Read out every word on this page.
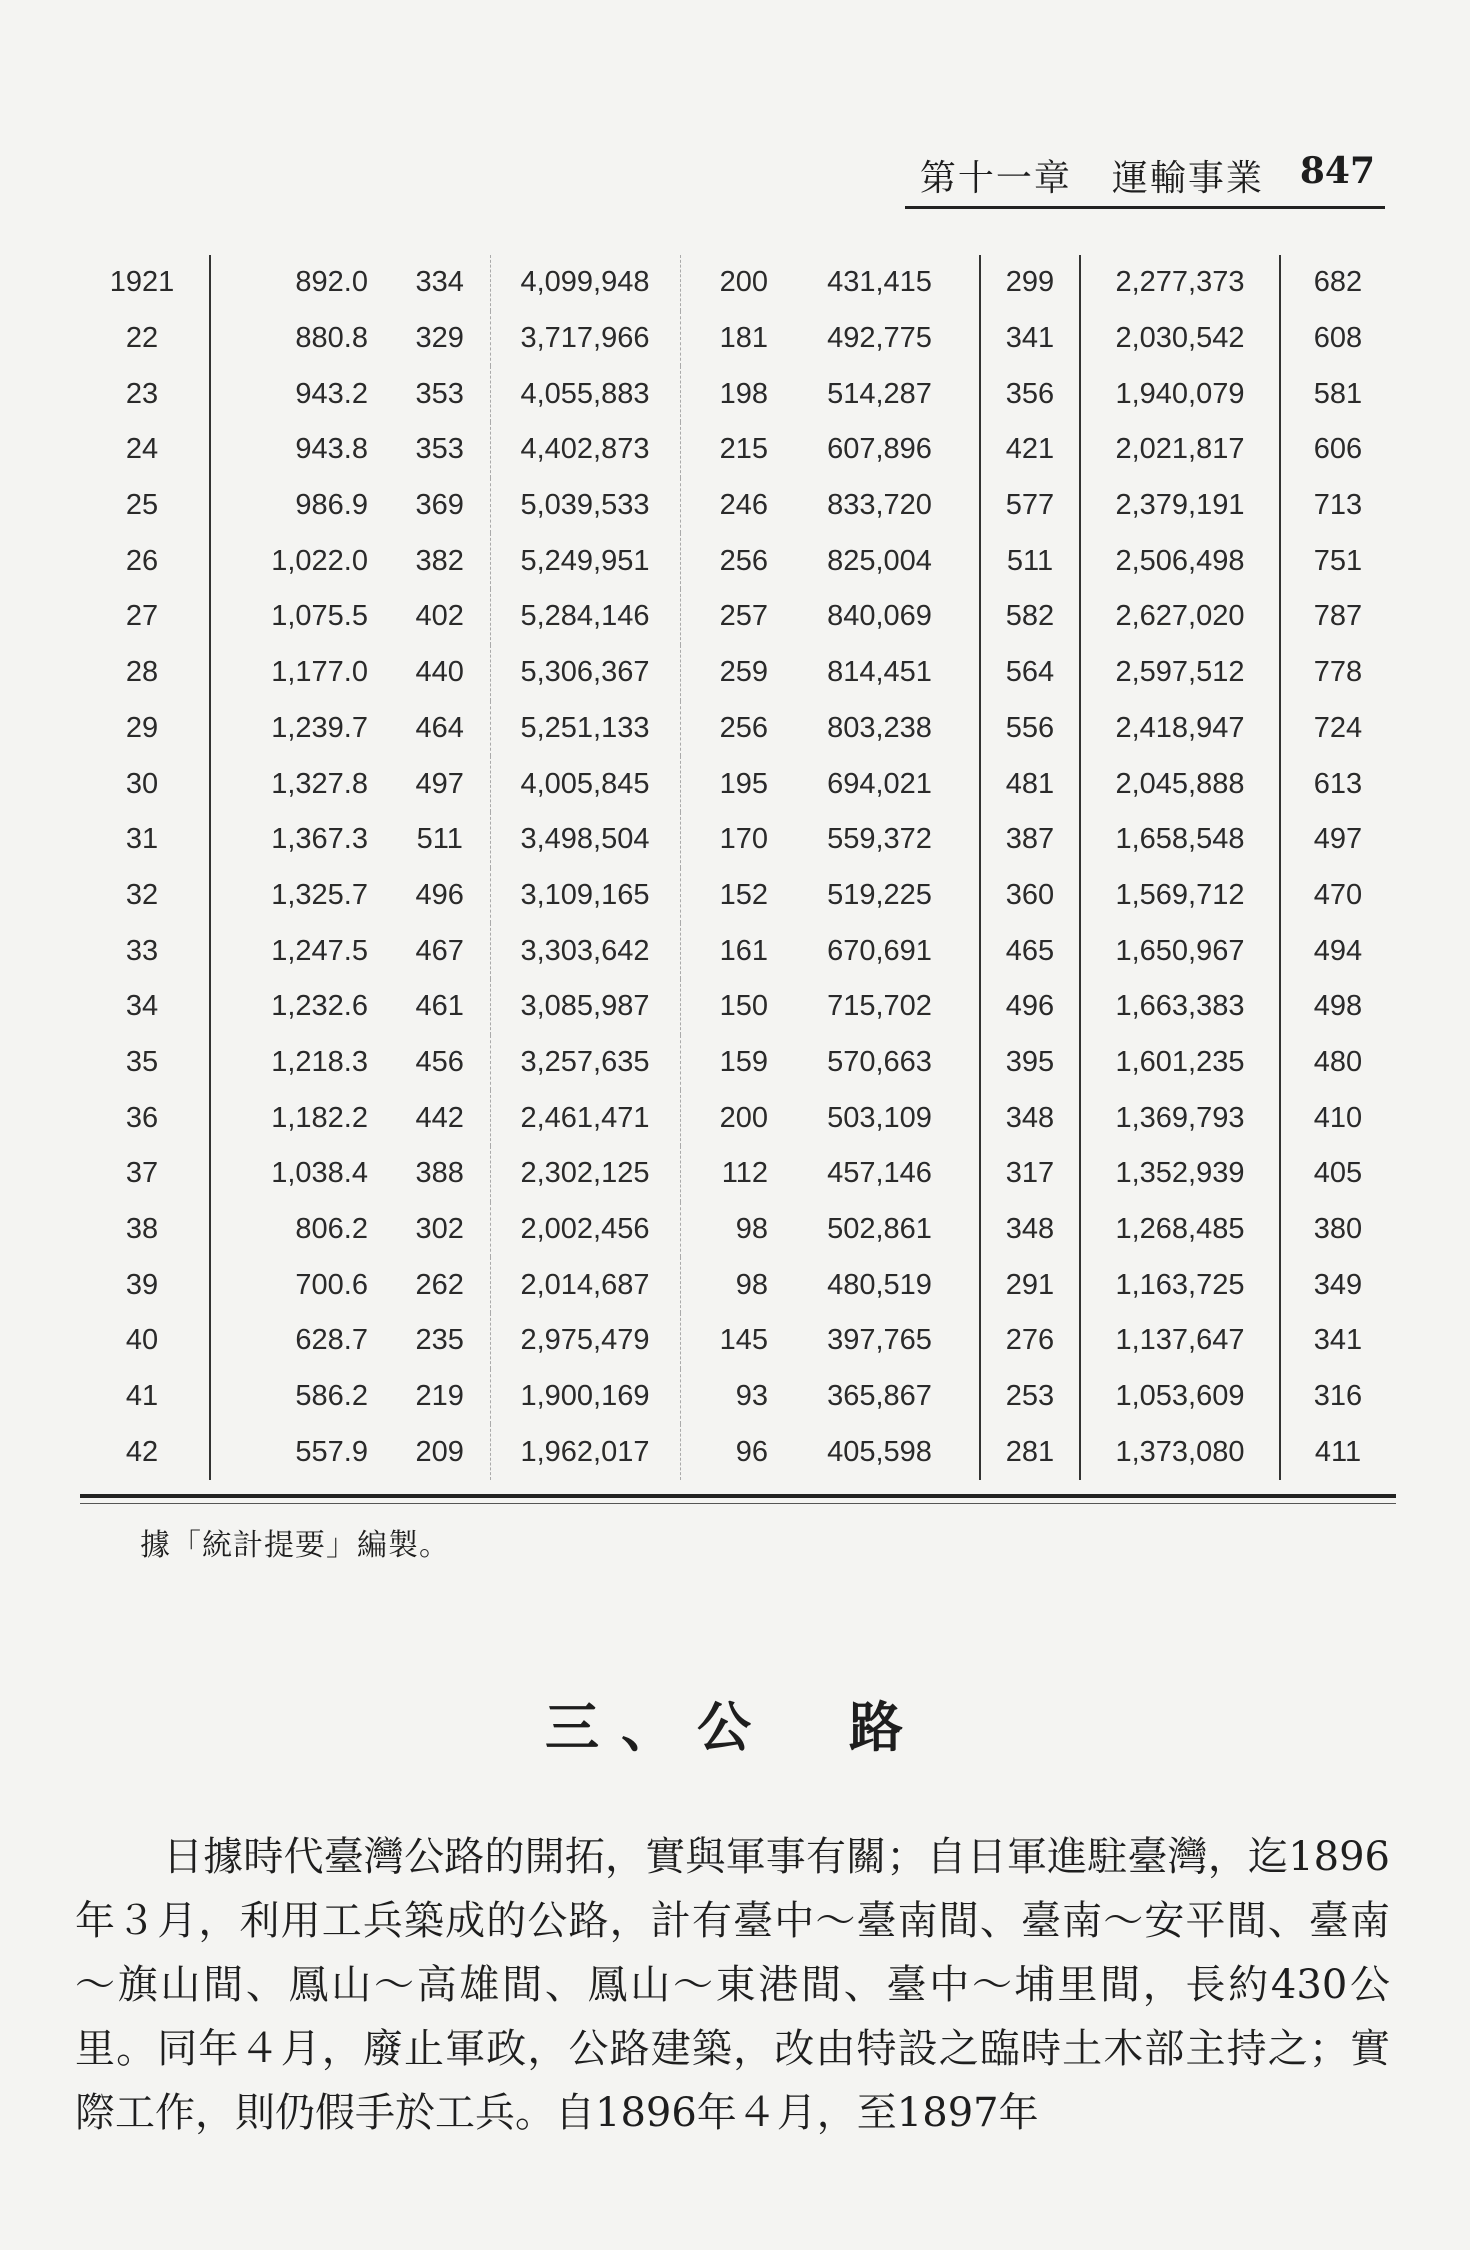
第十一章 運輸事業 847
1921	892.0	334	4,099,948	200	431,415	299	2,277,373	682
22	880.8	329	3,717,966	181	492,775	341	2,030,542	608
23	943.2	353	4,055,883	198	514,287	356	1,940,079	581
24	943.8	353	4,402,873	215	607,896	421	2,021,817	606
25	986.9	369	5,039,533	246	833,720	577	2,379,191	713
26	1,022.0	382	5,249,951	256	825,004	511	2,506,498	751
27	1,075.5	402	5,284,146	257	840,069	582	2,627,020	787
28	1,177.0	440	5,306,367	259	814,451	564	2,597,512	778
29	1,239.7	464	5,251,133	256	803,238	556	2,418,947	724
30	1,327.8	497	4,005,845	195	694,021	481	2,045,888	613
31	1,367.3	511	3,498,504	170	559,372	387	1,658,548	497
32	1,325.7	496	3,109,165	152	519,225	360	1,569,712	470
33	1,247.5	467	3,303,642	161	670,691	465	1,650,967	494
34	1,232.6	461	3,085,987	150	715,702	496	1,663,383	498
35	1,218.3	456	3,257,635	159	570,663	395	1,601,235	480
36	1,182.2	442	2,461,471	200	503,109	348	1,369,793	410
37	1,038.4	388	2,302,125	112	457,146	317	1,352,939	405
38	806.2	302	2,002,456	98	502,861	348	1,268,485	380
39	700.6	262	2,014,687	98	480,519	291	1,163,725	349
40	628.7	235	2,975,479	145	397,765	276	1,137,647	341
41	586.2	219	1,900,169	93	365,867	253	1,053,609	316
42	557.9	209	1,962,017	96	405,598	281	1,373,080	411
據「統計提要」編製。
三、公　路

日據時代臺灣公路的開拓，實與軍事有關；自日軍進駐臺灣，迄1896年３月，利用工兵築成的公路，計有臺中～臺南間、臺南～安平間、臺南～旗山間、鳳山～高雄間、鳳山～東港間、臺中～埔里間，長約430公里。同年４月，廢止軍政，公路建築，改由特設之臨時土木部主持之；實際工作，則仍假手於工兵。自1896年４月，至1897年
